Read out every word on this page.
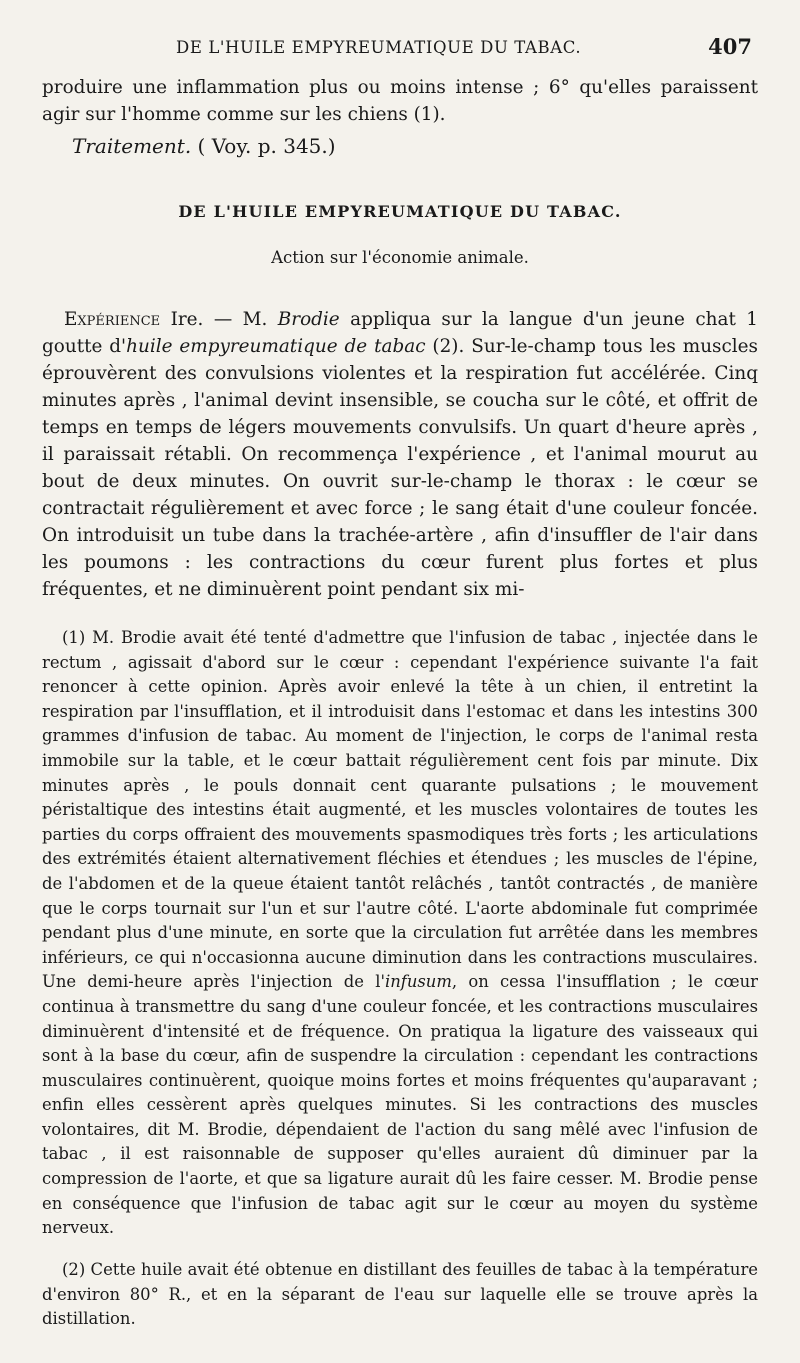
DE L'HUILE EMPYREUMATIQUE DU TABAC.	407

produire une inflammation plus ou moins intense ; 6° qu'elles paraissent agir sur l'homme comme sur les chiens (1).

Traitement. ( Voy. p. 345.)
DE L'HUILE EMPYREUMATIQUE DU TABAC.
Action sur l'économie animale.

Expérience Ire. — M. Brodie appliqua sur la langue d'un jeune chat 1 goutte d'huile empyreumatique de tabac (2). Sur-le-champ tous les muscles éprouvèrent des convulsions violentes et la respiration fut accélérée. Cinq minutes après , l'animal devint insensible, se coucha sur le côté, et offrit de temps en temps de légers mouvements convulsifs. Un quart d'heure après , il paraissait rétabli. On recommença l'expérience , et l'animal mourut au bout de deux minutes. On ouvrit sur-le-champ le thorax : le cœur se contractait régulièrement et avec force ; le sang était d'une couleur foncée. On introduisit un tube dans la trachée-artère , afin d'insuffler de l'air dans les poumons : les contractions du cœur furent plus fortes et plus fréquentes, et ne diminuèrent point pendant six mi-

(1) M. Brodie avait été tenté d'admettre que l'infusion de tabac , injectée dans le rectum , agissait d'abord sur le cœur : cependant l'expérience suivante l'a fait renoncer à cette opinion. Après avoir enlevé la tête à un chien, il entretint la respiration par l'insufflation, et il introduisit dans l'estomac et dans les intestins 300 grammes d'infusion de tabac. Au moment de l'injection, le corps de l'animal resta immobile sur la table, et le cœur battait régulièrement cent fois par minute. Dix minutes après , le pouls donnait cent quarante pulsations ; le mouvement péristaltique des intestins était augmenté, et les muscles volontaires de toutes les parties du corps offraient des mouvements spasmodiques très forts ; les articulations des extrémités étaient alternativement fléchies et étendues ; les muscles de l'épine, de l'abdomen et de la queue étaient tantôt relâchés , tantôt contractés , de manière que le corps tournait sur l'un et sur l'autre côté. L'aorte abdominale fut comprimée pendant plus d'une minute, en sorte que la circulation fut arrêtée dans les membres inférieurs, ce qui n'occasionna aucune diminution dans les contractions musculaires. Une demi-heure après l'injection de l'infusum, on cessa l'insufflation ; le cœur continua à transmettre du sang d'une couleur foncée, et les contractions musculaires diminuèrent d'intensité et de fréquence. On pratiqua la ligature des vaisseaux qui sont à la base du cœur, afin de suspendre la circulation : cependant les contractions musculaires continuèrent, quoique moins fortes et moins fréquentes qu'auparavant ; enfin elles cessèrent après quelques minutes. Si les contractions des muscles volontaires, dit M. Brodie, dépendaient de l'action du sang mêlé avec l'infusion de tabac , il est raisonnable de supposer qu'elles auraient dû diminuer par la compression de l'aorte, et que sa ligature aurait dû les faire cesser. M. Brodie pense en conséquence que l'infusion de tabac agit sur le cœur au moyen du système nerveux.

(2) Cette huile avait été obtenue en distillant des feuilles de tabac à la température d'environ 80° R., et en la séparant de l'eau sur laquelle elle se trouve après la distillation.
